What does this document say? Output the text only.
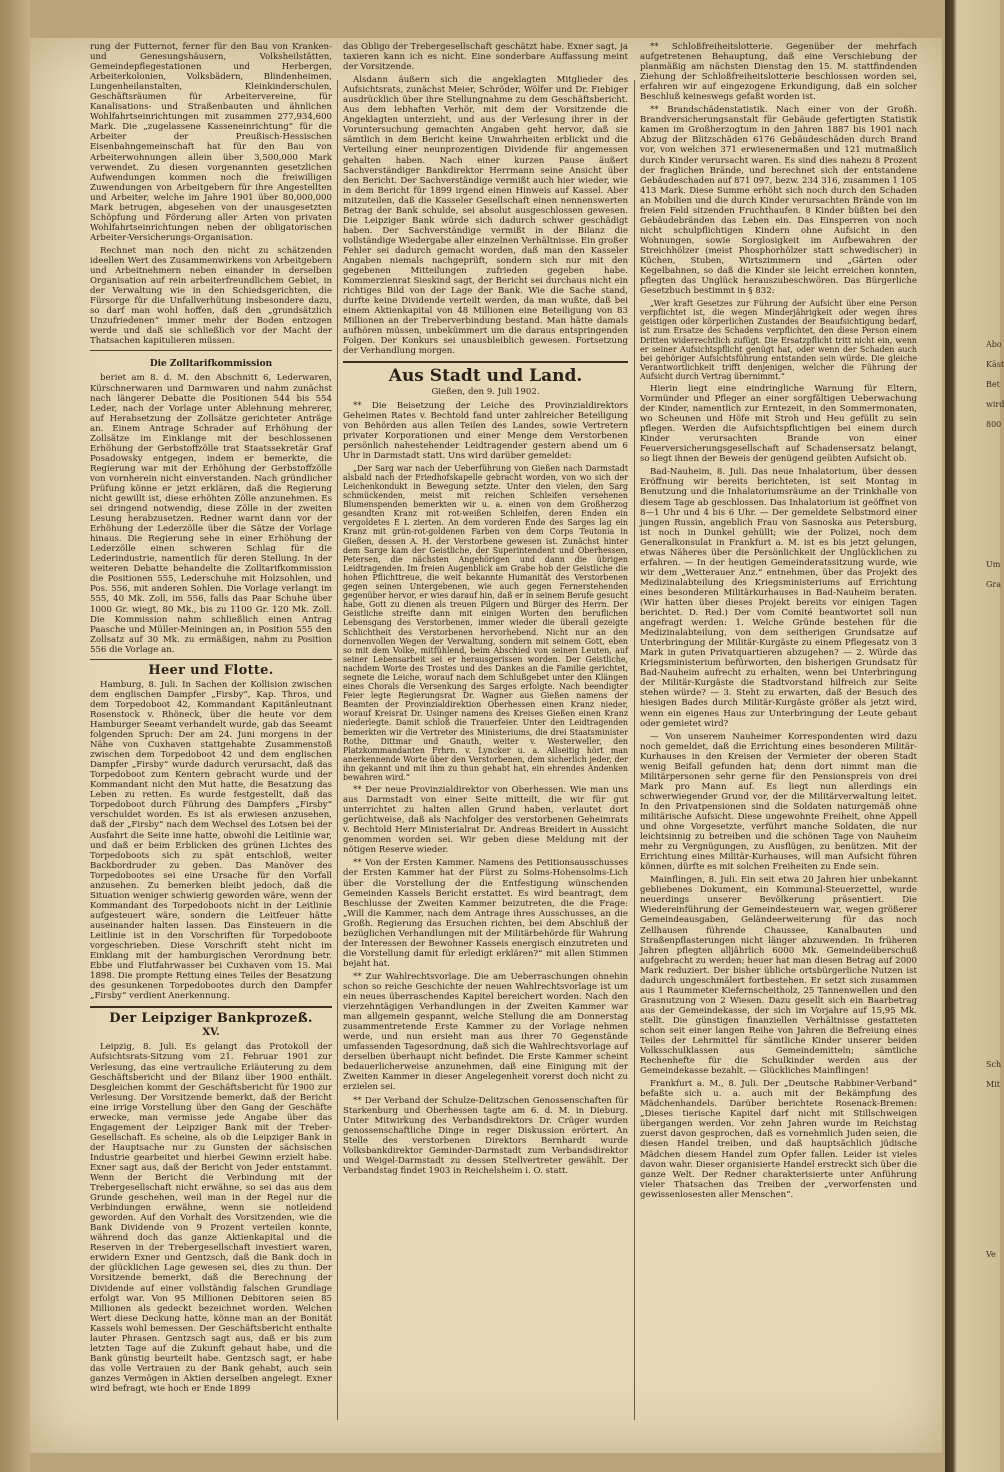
Abo
Käst
Bet
wird
800
Um
Gra
Sch
Mit
Ve

rung der Futternot, ferner für den Bau von Kranken- und Genesungshäusern, Volksheilstätten, Gemeindepflegestationen und Herbergen, Arbeiterkolonien, Volksbädern, Blindenheimen, Lungenheilanstalten, Kleinkinderschulen, Geschäftsräumen für Arbeitervereine, für Kanalisations- und Straßenbauten und ähnlichen Wohlfahrtseinrichtungen mit zusammen 277,934,600 Mark. Die „zugelassene Kasseneinrichtung“ für die Arbeiter der Preußisch-Hessischen Eisenbahngemeinschaft hat für den Bau von Arbeiterwohnungen allein über 3,500,000 Mark verwendet. Zu diesen vorgenannten gesetzlichen Aufwendungen kommen noch die freiwilligen Zuwendungen von Arbeitgebern für ihre Angestellten und Arbeiter, welche im Jahre 1901 über 80,000,000 Mark betrugen, abgesehen von der unausgesetzten Schöpfung und Förderung aller Arten von privaten Wohlfahrtseinrichtungen neben der obligatorischen Arbeiter-Versicherungs-Organisation.

Rechnet man noch den nicht zu schätzenden ideellen Wert des Zusammenwirkens von Arbeitgebern und Arbeitnehmern neben einander in derselben Organisation auf rein arbeiterfreundlichem Gebiet, in der Verwaltung wie in den Schiedsgerichten, die Fürsorge für die Unfallverhütung insbesondere dazu, so darf man wohl hoffen, daß den „grundsätzlich Unzufriedenen“ immer mehr der Boden entzogen werde und daß sie schließlich vor der Macht der Thatsachen kapitulieren müssen.

Die Zolltarifkommission

beriet am 8. d. M. den Abschnitt 6, Lederwaren, Kürschnerwaren und Darmwaren und nahm zunächst nach längerer Debatte die Positionen 544 bis 554 Leder, nach der Vorlage unter Ablehnung mehrerer, auf Herabsetzung der Zollsätze gerichteter Anträge an. Einem Antrage Schrader auf Erhöhung der Zollsätze im Einklange mit der beschlossenen Erhöhung der Gerbstoffzölle trat Staatssekretär Graf Posadowsky entgegen, indem er bemerkte, die Regierung war mit der Erhöhung der Gerbstoffzölle von vornherein nicht einverstanden. Nach gründlicher Prüfung könne er jetzt erklären, daß die Regierung nicht gewillt ist, diese erhöhten Zölle anzunehmen. Es sei dringend notwendig, diese Zölle in der zweiten Lesung herabzusetzen. Redner warnt dann vor der Erhöhung der Lederzölle über die Sätze der Vorlage hinaus. Die Regierung sehe in einer Erhöhung der Lederzölle einen schweren Schlag für die Lederindustrie, namentlich für deren Stellung. In der weiteren Debatte behandelte die Zolltarifkommission die Positionen 555, Lederschuhe mit Holzsohlen, und Pos. 556, mit anderen Sohlen. Die Vorlage verlangt im 555, 40 Mk. Zoll, im 556, falls das Paar Schuhe über 1000 Gr. wiegt, 80 Mk., bis zu 1100 Gr. 120 Mk. Zoll. Die Kommission nahm schließlich einen Antrag Paasche und Müller-Meiningen an, in Position 555 den Zollsatz auf 30 Mk. zu ermäßigen, nahm zu Position 556 die Vorlage an.

Heer und Flotte.

Hamburg, 8. Juli. In Sachen der Kollision zwischen dem englischen Dampfer „Firsby“, Kap. Thros, und dem Torpedoboot 42, Kommandant Kapitänleutnant Rosenstock v. Rhöneck, über die heute vor dem Hamburger Seeamt verhandelt wurde, gab das Seeamt folgenden Spruch: Der am 24. Juni morgens in der Nähe von Cuxhaven stattgehabte Zusammenstoß zwischen dem Torpedoboot 42 und dem englischen Dampfer „Firsby“ wurde dadurch verursacht, daß das Torpedoboot zum Kentern gebracht wurde und der Kommandant nicht den Mut hatte, die Besatzung das Leben zu retten. Es wurde festgestellt, daß das Torpedoboot durch Führung des Dampfers „Firsby“ verschuldet worden. Es ist als erwiesen anzusehen, daß der „Firsby“ nach dem Wechsel des Lotsen bei der Ausfahrt die Seite inne hatte, obwohl die Leitlinie war, und daß er beim Erblicken des grünen Lichtes des Torpedoboots sich zu spät entschloß, weiter Backbordruder zu geben. Das Manöver des Torpedobootes sei eine Ursache für den Vorfall anzusehen. Zu bemerken bleibt jedoch, daß die Situation weniger schwierig geworden wäre, wenn der Kommandant des Torpedoboots nicht in der Leitlinie aufgesteuert wäre, sondern die Leitfeuer hätte auseinander halten lassen. Das Einsteuern in die Leitlinie ist in den Vorschriften für Torpedoboote vorgeschrieben. Diese Vorschrift steht nicht im Einklang mit der hamburgischen Verordnung betr. Ebbe und Flutfahrwasser bei Cuxhaven vom 15. Mai 1898. Die prompte Rettung eines Teiles der Besatzung des gesunkenen Torpedobootes durch den Dampfer „Firsby“ verdient Anerkennung.

Der Leipziger Bankprozeß.
XV.

Leipzig, 8. Juli. Es gelangt das Protokoll der Aufsichtsrats-Sitzung vom 21. Februar 1901 zur Verlesung, das eine vertrauliche Erläuterung zu dem Geschäftsbericht und der Bilanz über 1900 enthält. Desgleichen kommt der Geschäftsbericht für 1900 zur Verlesung. Der Vorsitzende bemerkt, daß der Bericht eine irrige Vorstellung über den Gang der Geschäfte erwecke, man vermisse jede Angabe über das Engagement der Leipziger Bank mit der Treber-Gesellschaft. Es scheine, als ob die Leipziger Bank in der Hauptsache nur zu Gunsten der sächsischen Industrie gearbeitet und hierbei Gewinn erzielt habe. Exner sagt aus, daß der Bericht von Jeder entstammt. Wenn der Bericht die Verbindung mit der Trebergesellschaft nicht erwähne, so sei das aus dem Grunde geschehen, weil man in der Regel nur die Verbindungen erwähne, wenn sie notleidend geworden. Auf den Vorhalt des Vorsitzenden, wie die Bank Dividende von 9 Prozent verteilen konnte, während doch das ganze Aktienkapital und die Reserven in der Trebergesellschaft investiert waren, erwidern Exner und Gentzsch, daß die Bank doch in der glücklichen Lage gewesen sei, dies zu thun. Der Vorsitzende bemerkt, daß die Berechnung der Dividende auf einer vollständig falschen Grundlage erfolgt war. Von 95 Millionen Debitoren seien 85 Millionen als gedeckt bezeichnet worden. Welchen Wert diese Deckung hatte, könne man an der Bonität Kassels wohl bemessen. Der Geschäftsbericht enthalte lauter Phrasen. Gentzsch sagt aus, daß er bis zum letzten Tage auf die Zukunft gebaut habe, und die Bank günstig beurteilt habe. Gentzsch sagt, er habe das volle Vertrauen zu der Bank gehabt, auch sein ganzes Vermögen in Aktien derselben angelegt. Exner wird befragt, wie hoch er Ende 1899

das Obligo der Trebergesellschaft geschätzt habe. Exner sagt, ja taxieren kann ich es nicht. Eine sonderbare Auffassung meint der Vorsitzende.

Alsdann äußern sich die angeklagten Mitglieder des Aufsichtsrats, zunächst Meier, Schröder, Wölfer und Dr. Fiebiger ausdrücklich über ihre Stellungnahme zu dem Geschäftsbericht. Aus dem lebhaften Verhör, mit dem der Vorsitzende die Angeklagten unterzieht, und aus der Verlesung ihrer in der Voruntersuchung gemachten Angaben geht hervor, daß sie sämtlich in dem Bericht keine Unwahrheiten erblickt und die Verteilung einer neunprozentigen Dividende für angemessen gehalten haben. Nach einer kurzen Pause äußert Sachverständiger Bankdirektor Herrmann seine Ansicht über den Bericht. Der Sachverständige vermißt auch hier wieder, wie in dem Bericht für 1899 irgend einen Hinweis auf Kassel. Aber mitzuteilen, daß die Kasseler Gesellschaft einen nennenswerten Betrag der Bank schulde, sei absolut ausgeschlossen gewesen. Die Leipziger Bank würde sich dadurch schwer geschädigt haben. Der Sachverständige vermißt in der Bilanz die vollständige Wiedergabe aller einzelnen Verhältnisse. Ein großer Fehler sei dadurch gemacht worden, daß man den Kasseler Angaben niemals nachgeprüft, sondern sich nur mit den gegebenen Mitteilungen zufrieden gegeben habe. Kommerzienrat Sieskind sagt, der Bericht sei durchaus nicht ein richtiges Bild von der Lage der Bank. Wie die Sache stand, durfte keine Dividende verteilt werden, da man wußte, daß bei einem Aktienkapital von 48 Millionen eine Beteiligung von 83 Millionen an der Treberverbindung bestand. Man hätte damals aufhören müssen, unbekümmert um die daraus entspringenden Folgen. Der Konkurs sei unausbleiblich gewesen. Fortsetzung der Verhandlung morgen.

Aus Stadt und Land.
Gießen, den 9. Juli 1902.

** Die Beisetzung der Leiche des Provinzialdirektors Geheimen Rates v. Bechtold fand unter zahlreicher Beteiligung von Behörden aus allen Teilen des Landes, sowie Vertretern privater Korporationen und einer Menge dem Verstorbenen persönlich nahestehender Leidtragender gestern abend um 6 Uhr in Darmstadt statt. Uns wird darüber gemeldet:

„Der Sarg war nach der Ueberführung von Gießen nach Darmstadt alsbald nach der Friedhofskapelle gebracht worden, von wo sich der Leichenkondukt in Bewegung setzte. Unter den vielen, den Sarg schmückenden, meist mit reichen Schleifen versehenen Blumenspenden bemerkten wir u. a. einen von dem Großherzog gesandten Kranz mit rot-weißen Schleifen, deren Enden ein vergoldetes E L zierten. An dem vorderen Ende des Sarges lag ein Kranz mit grün-rot-goldenen Farben von dem Corps Teutonia in Gießen, dessen A. H. der Verstorbene gewesen ist. Zunächst hinter dem Sarge kam der Geistliche, der Superintendent und Oberhessen, Petersen, die nächsten Angehörigen und dann die übrigen Leidtragenden. Im freien Augenblick am Grabe hob der Geistliche die hohen Pflichttreue, die weit bekannte Humanität des Verstorbenen gegen seinen Untergebenen, wie auch gegen Fernerstehenden gegenüber hervor, er wies darauf hin, daß er in seinem Berufe gesucht habe, Gott zu dienen als treuen Pilgern und Bürger des Herrn. Der Geistliche streifte dann mit einigen Worten den beruflichen Lebensgang des Verstorbenen, immer wieder die überall gezeigte Schlichtheit des Verstorbenen hervorhebend. Nicht nur an den dornenvollen Wegen der Verwaltung, sondern mit seinem Gott, eben so mit dem Volke, mitfühlend, beim Abschied von seinen Leuten, auf seiner Lebensarbeit sei er herausgerissen worden. Der Geistliche, nachdem Worte des Trostes und des Dankes an die Familie gerichtet, segnete die Leiche, worauf nach dem Schlußgebet unter den Klängen eines Chorals die Versenkung des Sarges erfolgte. Nach beendigter Feier legte Regierungsrat Dr. Wagner aus Gießen namens der Beamten der Provinzialdirektion Oberhessen einen Kranz nieder, worauf Kreisrat Dr. Usinger namens des Kreises Gießen einen Kranz niederlegte. Damit schloß die Trauerfeier. Unter den Leidtragenden bemerkten wir die Vertreter des Ministeriums, die drei Staatsminister Rothe, Dittmar und Gnauth, weiter v. Westerweller, den Platzkommandanten Frhrn. v. Lyncker u. a. Allseitig hört man anerkennende Worte über den Verstorbenen, dem sicherlich jeder, der ihn gekannt und mit ihm zu thun gehabt hat, ein ehrendes Andenken bewahren wird.“

** Der neue Provinzialdirektor von Oberhessen. Wie man uns aus Darmstadt von einer Seite mitteilt, die wir für gut unterrichtet zu halten allen Grund haben, verlautet dort gerüchtweise, daß als Nachfolger des verstorbenen Geheimrats v. Bechtold Herr Ministerialrat Dr. Andreas Breidert in Aussicht genommen worden sei. Wir geben diese Meldung mit der nötigen Reserve wieder.

** Von der Ersten Kammer. Namens des Petitionsausschusses der Ersten Kammer hat der Fürst zu Solms-Hohensolms-Lich über die Vorstellung der die Entfestigung wünschenden Gemeinden Kassels Bericht erstattet. Es wird beantragt, dem Beschlusse der Zweiten Kammer beizutreten, die die Frage: „Will die Kammer, nach dem Antrage ihres Ausschusses, an die Großh. Regierung das Ersuchen richten, bei dem Abschluß der bezüglichen Verhandlungen mit der Militärbehörde für Wahrung der Interessen der Bewohner Kasseis energisch einzutreten und die Vorstellung damit für erledigt erklären?“ mit allen Stimmen bejaht hat.

** Zur Wahlrechtsvorlage. Die am Ueberraschungen ohnehin schon so reiche Geschichte der neuen Wahlrechtsvorlage ist um ein neues überraschendes Kapitel bereichert worden. Nach den vierzehntägigen Verhandlungen in der Zweiten Kammer war man allgemein gespannt, welche Stellung die am Donnerstag zusammentretende Erste Kammer zu der Vorlage nehmen werde, und nun ersieht man aus ihrer 70 Gegenstände umfassenden Tagesordnung, daß sich die Wahlrechtsvorlage auf derselben überhaupt nicht befindet. Die Erste Kammer scheint bedauerlicherweise anzunehmen, daß eine Einigung mit der Zweiten Kammer in dieser Angelegenheit vorerst doch nicht zu erzielen sei.

** Der Verband der Schulze-Delitzschen Genossenschaften für Starkenburg und Oberhessen tagte am 6. d. M. in Dieburg. Unter Mitwirkung des Verbandsdirektors Dr. Crüger wurden genossenschaftliche Dinge in reger Diskussion erörtert. An Stelle des verstorbenen Direktors Bernhardt wurde Volksbankdirektor Geminder-Darmstadt zum Verbandsdirektor und Weigel-Darmstadt zu dessen Stellvertreter gewählt. Der Verbandstag findet 1903 in Reichelsheim i. O. statt.

** Schloßfreiheitslotterie. Gegenüber der mehrfach aufgetretenen Behauptung, daß eine Verschiebung der planmäßig am nächsten Dienstag den 15. M. stattfindenden Ziehung der Schloßfreiheitslotterie beschlossen worden sei, erfahren wir auf eingezogene Erkundigung, daß ein solcher Beschluß keineswegs gefaßt worden ist.

** Brandschädenstatistik. Nach einer von der Großh. Brandversicherungsanstalt für Gebäude gefertigten Statistik kamen im Großherzogtum in den Jahren 1887 bis 1901 nach Abzug der Blitzschäden 6176 Gebäudeschäden durch Brand vor, von welchen 371 erwiesenermaßen und 121 mutmaßlich durch Kinder verursacht waren. Es sind dies nahezu 8 Prozent der fraglichen Brände, und berechnet sich der entstandene Gebäudeschaden auf 871 097, bezw. 234 316, zusammen 1 105 413 Mark. Diese Summe erhöht sich noch durch den Schaden an Mobilien und die durch Kinder verursachten Brände von im freien Feld sitzenden Fruchthaufen. 8 Kinder büßten bei den Gebäudebränden das Leben ein. Das Einsperren von noch nicht schulpflichtigen Kindern ohne Aufsicht in den Wohnungen, sowie Sorglosigkeit im Aufbewahren der Streichhölzer (meist Phosphorhölzer statt schwedischer) in Küchen, Stuben, Wirtszimmern und „Gärten oder Kegelbahnen, so daß die Kinder sie leicht erreichen konnten, pflegten das Unglück herauszubeschwören. Das Bürgerliche Gesetzbuch bestimmt in § 832:

„Wer kraft Gesetzes zur Führung der Aufsicht über eine Person verpflichtet ist, die wegen Minderjährigkeit oder wegen ihres geistigen oder körperlichen Zustandes der Beaufsichtigung bedarf, ist zum Ersatze des Schadens verpflichtet, den diese Person einem Dritten widerrechtlich zufügt. Die Ersatzpflicht tritt nicht ein, wenn er seiner Aufsichtspflicht genügt hat, oder wenn der Schaden auch bei gehöriger Aufsichtsführung entstanden sein würde. Die gleiche Verantwortlichkeit trifft denjenigen, welcher die Führung der Aufsicht durch Vertrag übernimmt.“

Hierin liegt eine eindringliche Warnung für Eltern, Vormünder und Pfleger an einer sorgfältigen Ueberwachung der Kinder, namentlich zur Erntezeit, in den Sommermonaten, wo Scheunen und Höfe mit Stroh und Heu gefüllt zu sein pflegen. Werden die Aufsichtspflichtigen bei einem durch Kinder verursachten Brande von einer Feuerversicherungsgesellschaft auf Schadensersatz belangt, so liegt ihnen der Beweis der genügend geübten Aufsicht ob.

Bad-Nauheim, 8. Juli. Das neue Inhalatorium, über dessen Eröffnung wir bereits berichteten, ist seit Montag in Benutzung und die Inhalatoriumsräume an der Trinkhalle von diesem Tage ab geschlossen. Das Inhalatorium ist geöffnet von 8—1 Uhr und 4 bis 6 Uhr. — Der gemeldete Selbstmord einer jungen Russin, angeblich Frau von Sasnoska aus Petersburg, ist noch in Dunkel gehüllt; wie der Polizei, noch dem Generalkonsulat in Frankfurt a. M. ist es bis jetzt gelungen, etwas Näheres über die Persönlichkeit der Unglücklichen zu erfahren. — In der heutigen Gemeinderatssitzung wurde, wie wir dem „Wetterauer Anz.“ entnehmen, über das Projekt des Medizinalabteilung des Kriegsministeriums auf Errichtung eines besonderen Militärkurhauses in Bad-Nauheim beraten. (Wir hatten über dieses Projekt bereits vor einigen Tagen berichtet. D. Red.) Der vom Comité beantwortet soll nun angefragt werden: 1. Welche Gründe bestehen für die Medizinalabteilung, von dem seitherigen Grundsatze auf Unterbringung der Militär-Kurgäste zu einem Pflegesatz von 3 Mark in guten Privatquartieren abzugehen? — 2. Würde das Kriegsministerium befürworten, den bisherigen Grundsatz für Bad-Nauheim aufrecht zu erhalten, wenn bei Unterbringung der Militär-Kurgäste die Stadtvorstand hilfreich zur Seite stehen würde? — 3. Steht zu erwarten, daß der Besuch des hiesigen Bades durch Militär-Kurgäste größer als jetzt wird, wenn ein eigenes Haus zur Unterbringung der Leute gebaut oder gemietet wird?

— Von unserem Nauheimer Korrespondenten wird dazu noch gemeldet, daß die Errichtung eines besonderen Militär-Kurhauses in den Kreisen der Vermieter der oberen Stadt wenig Beifall gefunden hat; denn dort nimmt man die Militärpersonen sehr gerne für den Pensionspreis von drei Mark pro Mann auf. Es liegt nun allerdings ein schwerwiegender Grund vor, der die Militärverwaltung leitet. In den Privatpensionen sind die Soldaten naturgemäß ohne militärische Aufsicht. Diese ungewohnte Freiheit, ohne Appell und ohne Vorgesetzte, verführt manche Soldaten, die nur leichtsinnig zu betreiben und die schönen Tage von Nauheim mehr zu Vergnügungen, zu Ausflügen, zu benützen. Mit der Errichtung eines Militär-Kurhauses, will man Aufsicht führen können, dürfte es mit solchen Freiheiten zu Ende sein.

Mainflingen, 8. Juli. Ein seit etwa 20 Jahren hier unbekannt gebliebenes Dokument, ein Kommunal-Steuerzettel, wurde neuerdings unserer Bevölkerung präsentiert. Die Wiedereinführung der Gemeindesteuern war, wegen größerer Gemeindeausgaben, Geländeerweiterung für das noch Zellhausen führende Chaussee, Kanalbauten und Straßenpflasterungen nicht länger abzuwenden. In früheren Jahren pflegten alljährlich 6000 Mk. Gemeindeüberschuß aufgebracht zu werden; heuer hat man diesen Betrag auf 2000 Mark reduziert. Der bisher übliche ortsbürgerliche Nutzen ist dadurch ungeschmälert fortbestehen. Er setzt sich zusammen aus 1 Raummeter Kiefernscheitholz, 25 Tannenwellen und den Grasnutzung von 2 Wiesen. Dazu gesellt sich ein Baarbetrag aus der Gemeindekasse, der sich im Vorjahre auf 15,95 Mk. stellt. Die günstigen finanziellen Verhältnisse gestatteten schon seit einer langen Reihe von Jahren die Befreiung eines Teiles der Lehrmittel für sämtliche Kinder unserer beiden Volksschulklassen aus Gemeindemitteln; sämtliche Rechenhefte für die Schulkinder werden aus der Gemeindekasse bezahlt. — Glückliches Mainflingen!

Frankfurt a. M., 8. Juli. Der „Deutsche Rabbiner-Verband“ befaßte sich u. a. auch mit der Bekämpfung des Mädchenhandels. Darüber berichtete Rosenack-Bremen: „Dieses tierische Kapitel darf nicht mit Stillschweigen übergangen werden. Vor zehn Jahren wurde im Reichstag zuerst davon gesprochen, daß es vornehmlich Juden seien, die diesen Handel treiben, und daß hauptsächlich jüdische Mädchen diesem Handel zum Opfer fallen. Leider ist vieles davon wahr. Dieser organisierte Handel erstreckt sich über die ganze Welt. Der Redner charakterisierte unter Anführung vieler Thatsachen das Treiben der „verworfensten und gewissenlosesten aller Menschen“.
